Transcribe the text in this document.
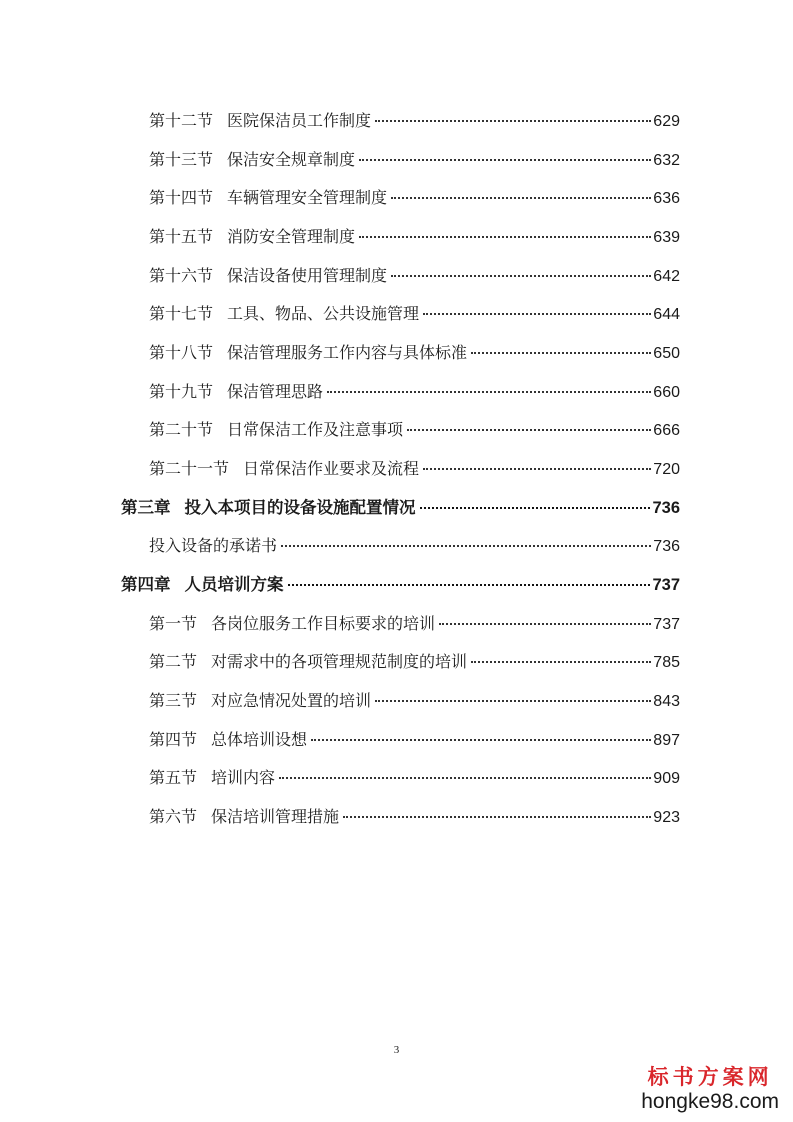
第十二节 医院保洁员工作制度	629
第十三节 保洁安全规章制度	632
第十四节 车辆管理安全管理制度	636
第十五节 消防安全管理制度	639
第十六节 保洁设备使用管理制度	642
第十七节 工具、物品、公共设施管理	644
第十八节 保洁管理服务工作内容与具体标准	650
第十九节 保洁管理思路	660
第二十节 日常保洁工作及注意事项	666
第二十一节 日常保洁作业要求及流程	720
第三章 投入本项目的设备设施配置情况	736
投入设备的承诺书	736
第四章 人员培训方案	737
第一节 各岗位服务工作目标要求的培训	737
第二节 对需求中的各项管理规范制度的培训	785
第三节 对应急情况处置的培训	843
第四节 总体培训设想	897
第五节 培训内容	909
第六节 保洁培训管理措施	923
3
标书方案网
hongke98.com
